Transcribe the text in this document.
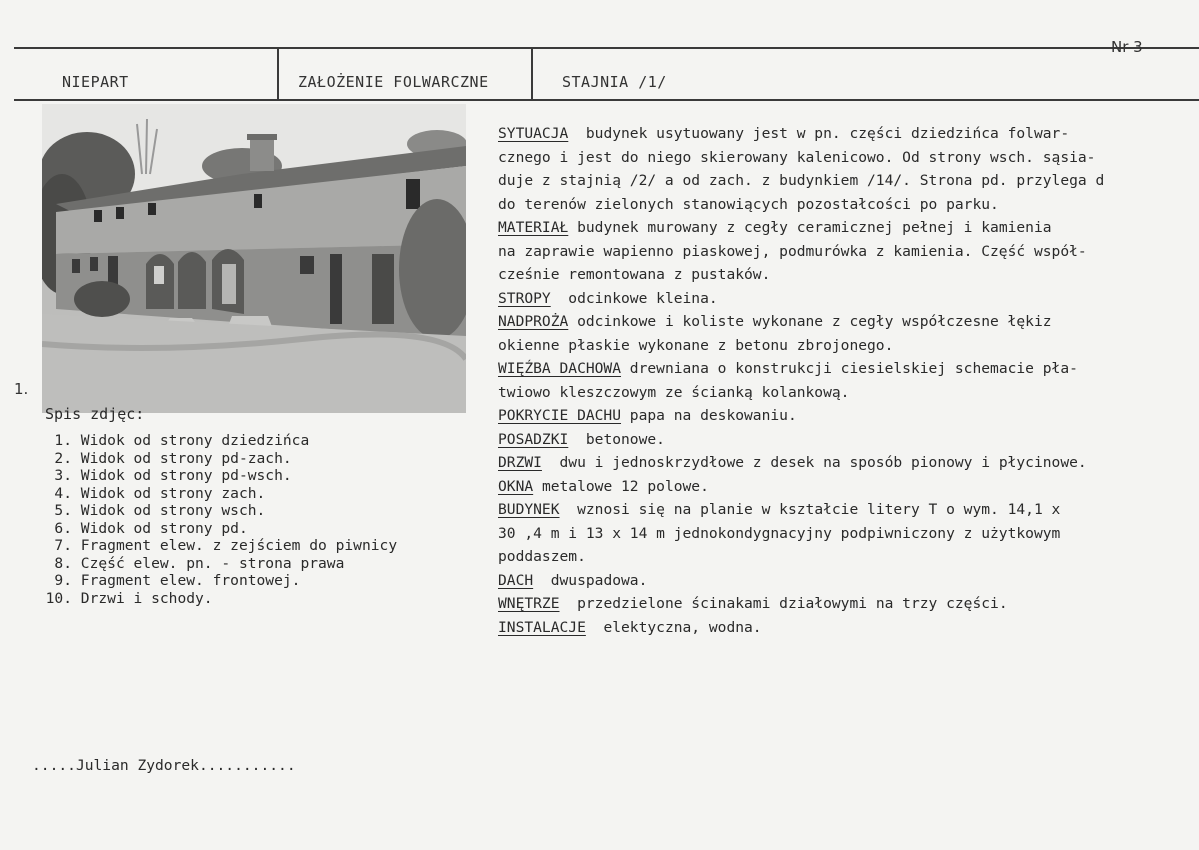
NIEPART	ZAŁOŻENIE FOLWARCZNE	STAJNIA /1/
Nr 3
1.
Spis zdjęc:
1. Widok od strony dziedzińca
2. Widok od strony pd-zach.
3. Widok od strony pd-wsch.
4. Widok od strony zach.
5. Widok od strony wsch.
6. Widok od strony pd.
7. Fragment elew. z zejściem do piwnicy
8. Część elew. pn. - strona prawa
9. Fragment elew. frontowej.
10. Drzwi i schody.
SYTUACJA  budynek usytuowany jest w pn. części dziedzińca folwar-
cznego i jest do niego skierowany kalenicowo. Od strony wsch. sąsia-
duje z stajnią /2/ a od zach. z budynkiem /14/. Strona pd. przylega d
do terenów zielonych stanowiących pozostałcości po parku.
MATERIAŁ budynek murowany z cegły ceramicznej pełnej i kamienia
na zaprawie wapienno piaskowej, podmurówka z kamienia. Część współ-
cześnie remontowana z pustaków.
STROPY  odcinkowe kleina.
NADPROŻA odcinkowe i koliste wykonane z cegły współczesne łękiz
okienne płaskie wykonane z betonu zbrojonego.
WIĘŹBA DACHOWA drewniana o konstrukcji ciesielskiej schemacie pła-
twiowo kleszczowym ze ścianką kolankową.
POKRYCIE DACHU papa na deskowaniu.
POSADZKI  betonowe.
DRZWI  dwu i jednoskrzydłowe z desek na sposób pionowy i płycinowe.
OKNA metalowe 12 polowe.
BUDYNEK  wznosi się na planie w kształcie litery T o wym. 14,1 x
30 ,4 m i 13 x 14 m jednokondygnacyjny podpiwniczony z użytkowym
poddaszem.
DACH  dwuspadowa.
WNĘTRZE  przedzielone ścinakami działowymi na trzy części.
INSTALACJE  elektyczna, wodna.
.....Julian Zydorek...........
